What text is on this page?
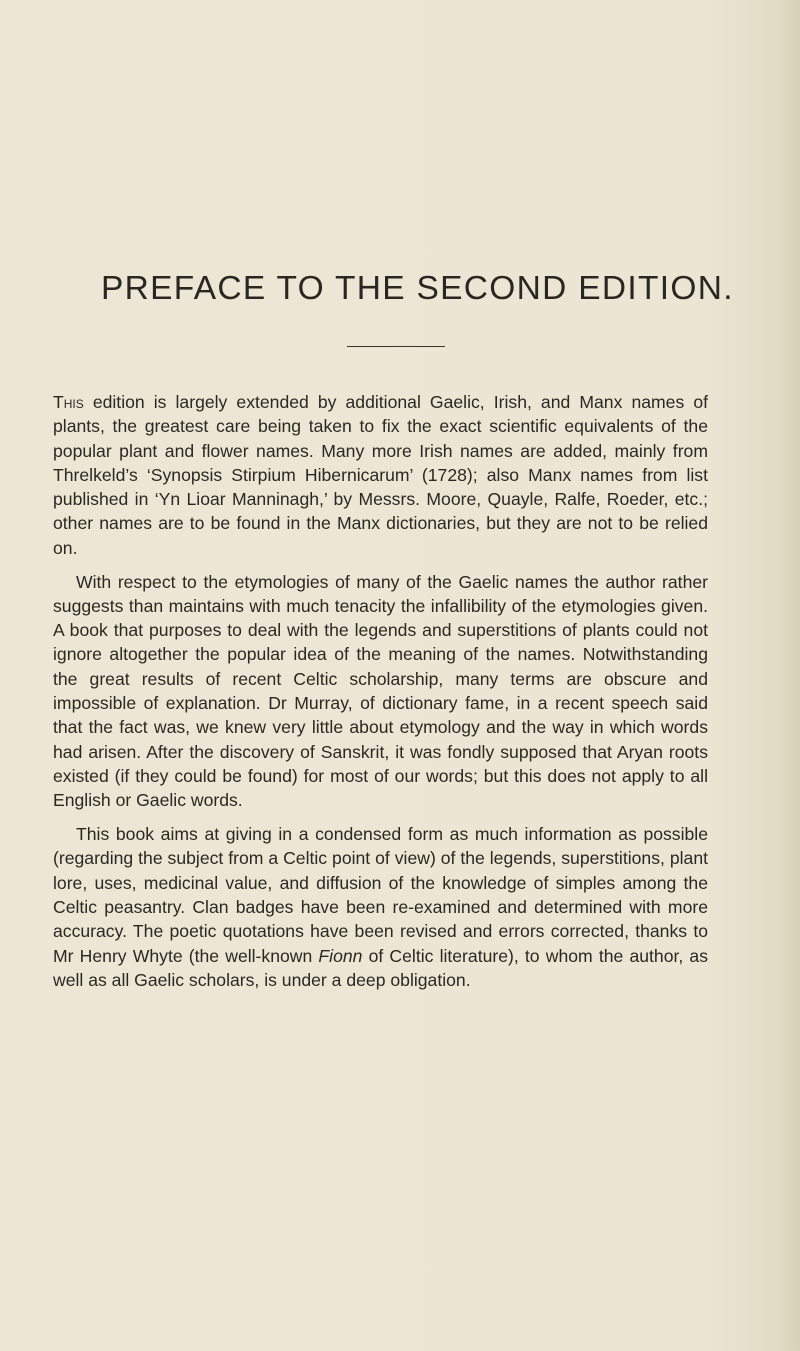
PREFACE TO THE SECOND EDITION.

This edition is largely extended by additional Gaelic, Irish, and Manx names of plants, the greatest care being taken to fix the exact scientific equivalents of the popular plant and flower names. Many more Irish names are added, mainly from Threlkeld’s ‘Synopsis Stirpium Hibernicarum’ (1728); also Manx names from list published in ‘Yn Lioar Manninagh,’ by Messrs. Moore, Quayle, Ralfe, Roeder, etc.; other names are to be found in the Manx dictionaries, but they are not to be relied on.

With respect to the etymologies of many of the Gaelic names the author rather suggests than maintains with much tenacity the infallibility of the etymologies given. A book that purposes to deal with the legends and superstitions of plants could not ignore altogether the popular idea of the meaning of the names. Notwithstanding the great results of recent Celtic scholarship, many terms are obscure and impossible of explanation. Dr Murray, of dictionary fame, in a recent speech said that the fact was, we knew very little about etymology and the way in which words had arisen. After the discovery of Sanskrit, it was fondly supposed that Aryan roots existed (if they could be found) for most of our words; but this does not apply to all English or Gaelic words.

This book aims at giving in a condensed form as much information as possible (regarding the subject from a Celtic point of view) of the legends, superstitions, plant lore, uses, medicinal value, and diffusion of the knowledge of simples among the Celtic peasantry. Clan badges have been re-examined and determined with more accuracy. The poetic quotations have been revised and errors corrected, thanks to Mr Henry Whyte (the well-known Fionn of Celtic literature), to whom the author, as well as all Gaelic scholars, is under a deep obligation.
